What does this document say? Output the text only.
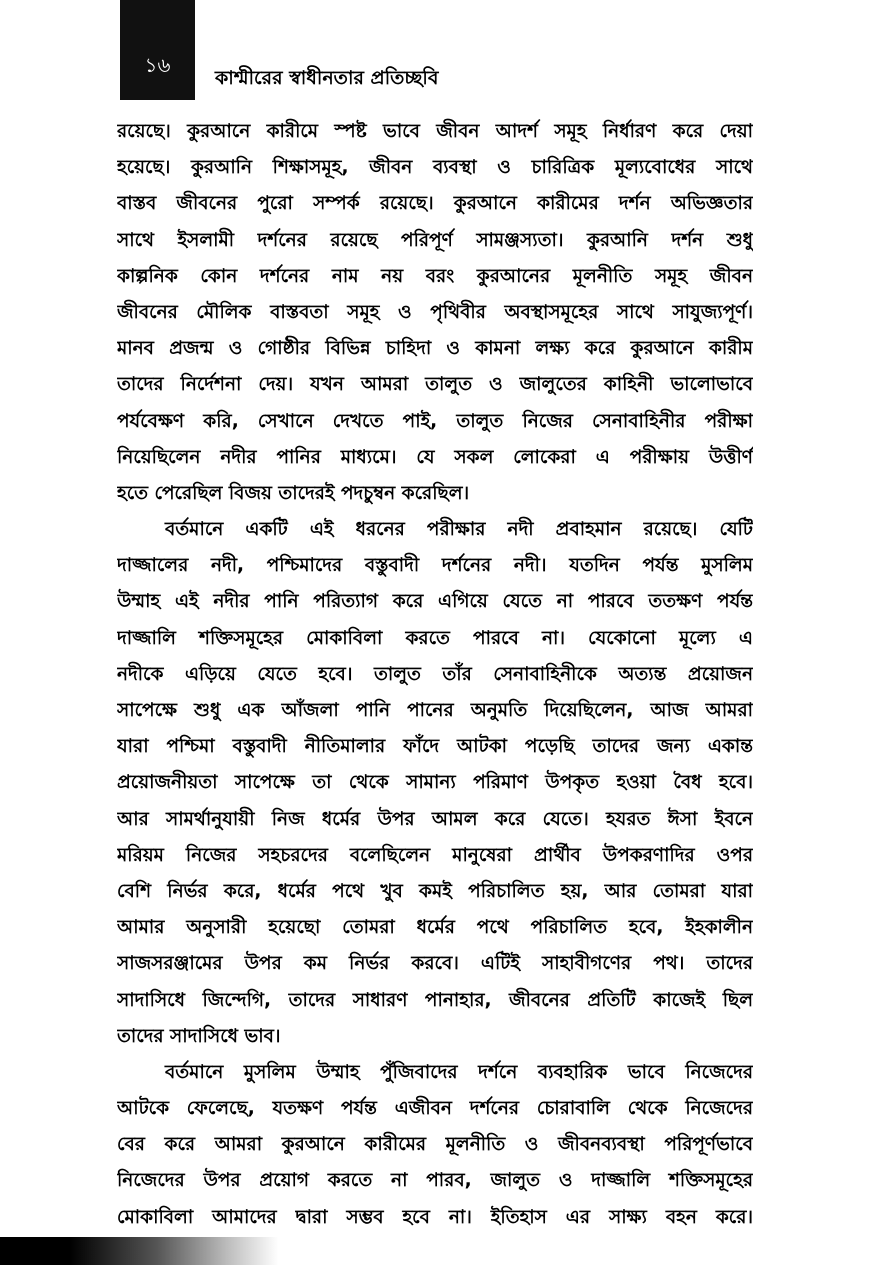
১৬
কাশ্মীরের স্বাধীনতার প্রতিচ্ছবি
রয়েছে। কুরআনে কারীমে স্পষ্ট ভাবে জীবন আদর্শ সমূহ নির্ধারণ করে দেয়া
হয়েছে। কুরআনি শিক্ষাসমূহ, জীবন ব্যবস্থা ও চারিত্রিক মূল্যবোধের সাথে
বাস্তব জীবনের পুরো সম্পর্ক রয়েছে। কুরআনে কারীমের দর্শন অভিজ্ঞতার
সাথে ইসলামী দর্শনের রয়েছে পরিপূর্ণ সামঞ্জস্যতা। কুরআনি দর্শন শুধু
কাল্পনিক কোন দর্শনের নাম নয় বরং কুরআনের মূলনীতি সমূহ জীবন
জীবনের মৌলিক বাস্তবতা সমূহ ও পৃথিবীর অবস্থাসমূহের সাথে সাযুজ্যপূর্ণ।
মানব প্রজন্ম ও গোষ্ঠীর বিভিন্ন চাহিদা ও কামনা লক্ষ্য করে কুরআনে কারীম
তাদের নির্দেশনা দেয়। যখন আমরা তালুত ও জালুতের কাহিনী ভালোভাবে
পর্যবেক্ষণ করি, সেখানে দেখতে পাই, তালুত নিজের সেনাবাহিনীর পরীক্ষা
নিয়েছিলেন নদীর পানির মাধ্যমে। যে সকল লোকেরা এ পরীক্ষায় উত্তীর্ণ
হতে পেরেছিল বিজয় তাদেরই পদচুম্বন করেছিল।
বর্তমানে একটি এই ধরনের পরীক্ষার নদী প্রবাহমান রয়েছে। যেটি
দাজ্জালের নদী, পশ্চিমাদের বস্তুবাদী দর্শনের নদী। যতদিন পর্যন্ত মুসলিম
উম্মাহ এই নদীর পানি পরিত্যাগ করে এগিয়ে যেতে না পারবে ততক্ষণ পর্যন্ত
দাজ্জালি শক্তিসমূহের মোকাবিলা করতে পারবে না। যেকোনো মূল্যে এ
নদীকে এড়িয়ে যেতে হবে। তালুত তাঁর সেনাবাহিনীকে অত্যন্ত প্রয়োজন
সাপেক্ষে শুধু এক আঁজলা পানি পানের অনুমতি দিয়েছিলেন, আজ আমরা
যারা পশ্চিমা বস্তুবাদী নীতিমালার ফাঁদে আটকা পড়েছি তাদের জন্য একান্ত
প্রয়োজনীয়তা সাপেক্ষে তা থেকে সামান্য পরিমাণ উপকৃত হওয়া বৈধ হবে।
আর সামর্থানুযায়ী নিজ ধর্মের উপর আমল করে যেতে। হযরত ঈসা ইবনে
মরিয়ম নিজের সহচরদের বলেছিলেন মানুষেরা প্রার্থীব উপকরণাদির ওপর
বেশি নির্ভর করে, ধর্মের পথে খুব কমই পরিচালিত হয়, আর তোমরা যারা
আমার অনুসারী হয়েছো তোমরা ধর্মের পথে পরিচালিত হবে, ইহকালীন
সাজসরঞ্জামের উপর কম নির্ভর করবে। এটিই সাহাবীগণের পথ। তাদের
সাদাসিধে জিন্দেগি, তাদের সাধারণ পানাহার, জীবনের প্রতিটি কাজেই ছিল
তাদের সাদাসিধে ভাব।
বর্তমানে মুসলিম উম্মাহ পুঁজিবাদের দর্শনে ব্যবহারিক ভাবে নিজেদের
আটকে ফেলেছে, যতক্ষণ পর্যন্ত এজীবন দর্শনের চোরাবালি থেকে নিজেদের
বের করে আমরা কুরআনে কারীমের মূলনীতি ও জীবনব্যবস্থা পরিপূর্ণভাবে
নিজেদের উপর প্রয়োগ করতে না পারব, জালুত ও দাজ্জালি শক্তিসমূহের
মোকাবিলা আমাদের দ্বারা সম্ভব হবে না। ইতিহাস এর সাক্ষ্য বহন করে।
